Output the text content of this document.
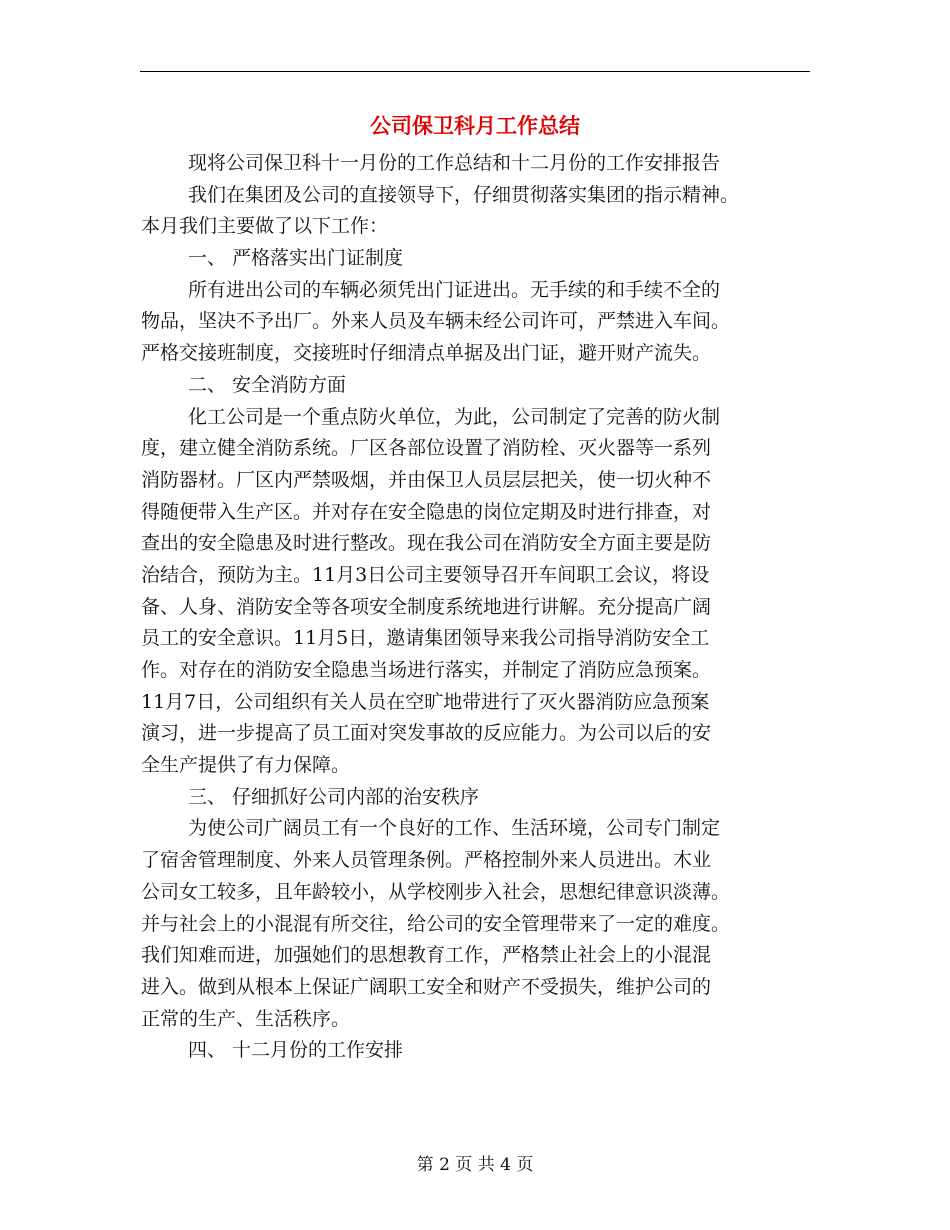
公司保卫科月工作总结
现将公司保卫科十一月份的工作总结和十二月份的工作安排报告
我们在集团及公司的直接领导下，仔细贯彻落实集团的指示精神。
本月我们主要做了以下工作：
一、 严格落实出门证制度
所有进出公司的车辆必须凭出门证进出。无手续的和手续不全的
物品，坚决不予出厂。外来人员及车辆未经公司许可，严禁进入车间。
严格交接班制度，交接班时仔细清点单据及出门证，避开财产流失。
二、 安全消防方面
化工公司是一个重点防火单位，为此，公司制定了完善的防火制
度，建立健全消防系统。厂区各部位设置了消防栓、灭火器等一系列
消防器材。厂区内严禁吸烟，并由保卫人员层层把关，使一切火种不
得随便带入生产区。并对存在安全隐患的岗位定期及时进行排查，对
查出的安全隐患及时进行整改。现在我公司在消防安全方面主要是防
治结合，预防为主。11月3日公司主要领导召开车间职工会议，将设
备、人身、消防安全等各项安全制度系统地进行讲解。充分提高广阔
员工的安全意识。11月5日，邀请集团领导来我公司指导消防安全工
作。对存在的消防安全隐患当场进行落实，并制定了消防应急预案。
11月7日，公司组织有关人员在空旷地带进行了灭火器消防应急预案
演习，进一步提高了员工面对突发事故的反应能力。为公司以后的安
全生产提供了有力保障。
三、 仔细抓好公司内部的治安秩序
为使公司广阔员工有一个良好的工作、生活环境，公司专门制定
了宿舍管理制度、外来人员管理条例。严格控制外来人员进出。木业
公司女工较多，且年龄较小，从学校刚步入社会，思想纪律意识淡薄。
并与社会上的小混混有所交往，给公司的安全管理带来了一定的难度。
我们知难而进，加强她们的思想教育工作，严格禁止社会上的小混混
进入。做到从根本上保证广阔职工安全和财产不受损失，维护公司的
正常的生产、生活秩序。
四、 十二月份的工作安排
第 2 页 共 4 页
